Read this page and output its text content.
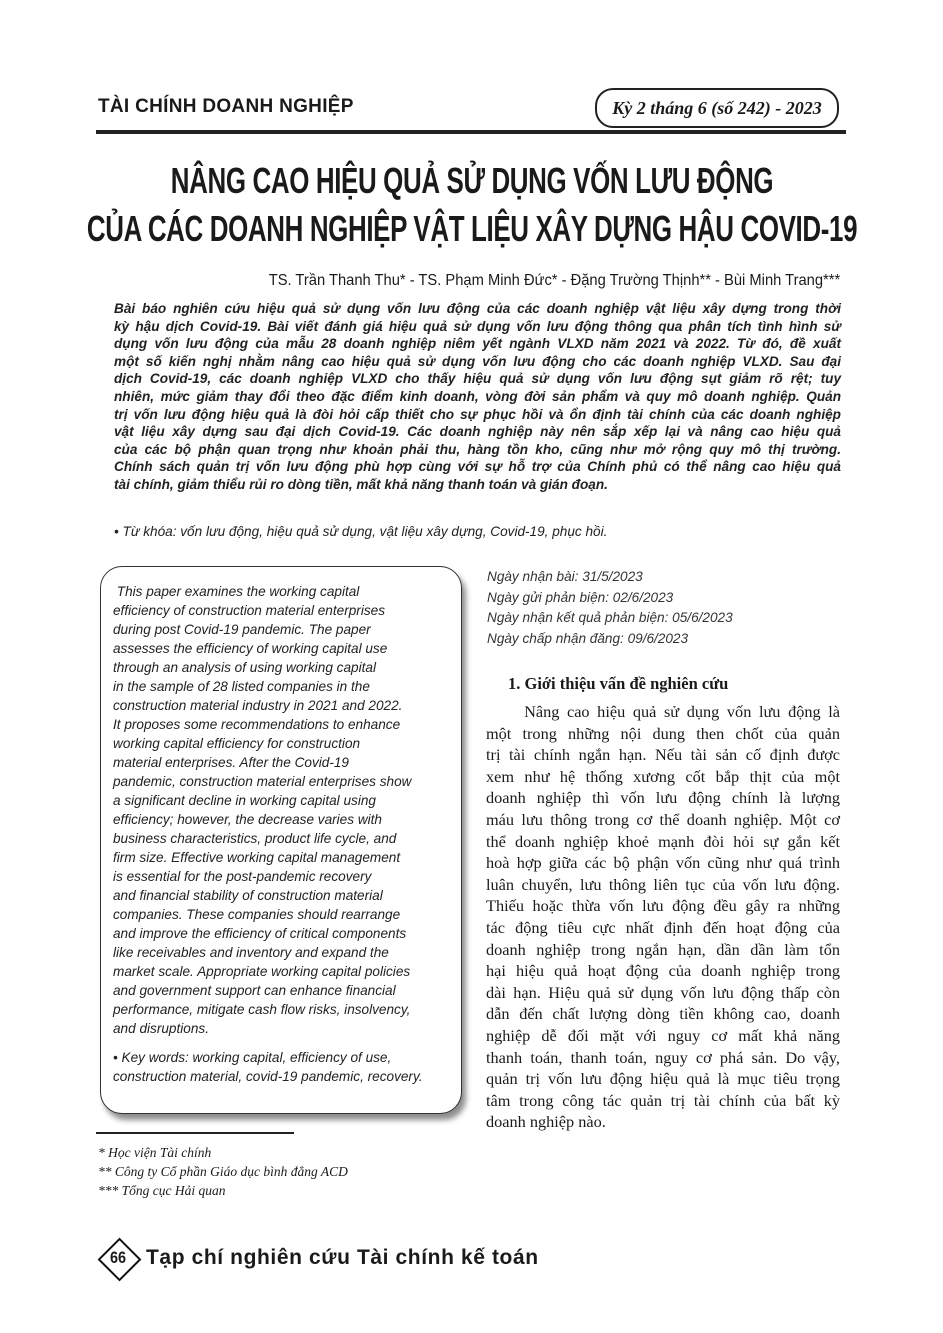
TÀI CHÍNH DOANH NGHIỆP	Kỳ 2 tháng 6 (số 242) - 2023
NÂNG CAO HIỆU QUẢ SỬ DỤNG VỐN LƯU ĐỘNG
CỦA CÁC DOANH NGHIỆP VẬT LIỆU XÂY DỰNG HẬU COVID-19
TS. Trần Thanh Thu* - TS. Phạm Minh Đức* - Đặng Trường Thịnh** - Bùi Minh Trang***
Bài báo nghiên cứu hiệu quả sử dụng vốn lưu động của các doanh nghiệp vật liệu xây dựng trong thời
kỳ hậu dịch Covid-19. Bài viết đánh giá hiệu quả sử dụng vốn lưu động thông qua phân tích tình hình sử
dụng vốn lưu động của mẫu 28 doanh nghiệp niêm yết ngành VLXD năm 2021 và 2022. Từ đó, đề xuất
một số kiến nghị nhằm nâng cao hiệu quả sử dụng vốn lưu động cho các doanh nghiệp VLXD. Sau đại
dịch Covid-19, các doanh nghiệp VLXD cho thấy hiệu quả sử dụng vốn lưu động sụt giảm rõ rệt; tuy
nhiên, mức giảm thay đổi theo đặc điểm kinh doanh, vòng đời sản phẩm và quy mô doanh nghiệp. Quản
trị vốn lưu động hiệu quả là đòi hỏi cấp thiết cho sự phục hồi và ổn định tài chính của các doanh nghiệp
vật liệu xây dựng sau đại dịch Covid-19. Các doanh nghiệp này nên sắp xếp lại và nâng cao hiệu quả
của các bộ phận quan trọng như khoản phải thu, hàng tồn kho, cũng như mở rộng quy mô thị trường.
Chính sách quản trị vốn lưu động phù hợp cùng với sự hỗ trợ của Chính phủ có thể nâng cao hiệu quả
tài chính, giảm thiểu rủi ro dòng tiền, mất khả năng thanh toán và gián đoạn.
• Từ khóa: vốn lưu động, hiệu quả sử dụng, vật liệu xây dựng, Covid-19, phục hồi.
This paper examines the working capital
efficiency of construction material enterprises
during post Covid-19 pandemic. The paper
assesses the efficiency of working capital use
through an analysis of using working capital
in the sample of 28 listed companies in the
construction material industry in 2021 and 2022.
It proposes some recommendations to enhance
working capital efficiency for construction
material enterprises. After the Covid-19
pandemic, construction material enterprises show
a significant decline in working capital using
efficiency; however, the decrease varies with
business characteristics, product life cycle, and
firm size. Effective working capital management
is essential for the post-pandemic recovery
and financial stability of construction material
companies. These companies should rearrange
and improve the efficiency of critical components
like receivables and inventory and expand the
market scale. Appropriate working capital policies
and government support can enhance financial
performance, mitigate cash flow risks, insolvency,
and disruptions.
• Key words: working capital, efficiency of use, construction material, covid-19 pandemic, recovery.
Ngày nhận bài: 31/5/2023
Ngày gửi phản biện: 02/6/2023
Ngày nhận kết quả phản biện: 05/6/2023
Ngày chấp nhận đăng: 09/6/2023
1. Giới thiệu vấn đề nghiên cứu
Nâng cao hiệu quả sử dụng vốn lưu động là
một trong những nội dung then chốt của quản
trị tài chính ngắn hạn. Nếu tài sản cố định được
xem như hệ thống xương cốt bắp thịt của một
doanh nghiệp thì vốn lưu động chính là lượng
máu lưu thông trong cơ thể doanh nghiệp. Một cơ
thể doanh nghiệp khoẻ mạnh đòi hỏi sự gắn kết
hoà hợp giữa các bộ phận vốn cũng như quá trình
luân chuyển, lưu thông liên tục của vốn lưu động.
Thiếu hoặc thừa vốn lưu động đều gây ra những
tác động tiêu cực nhất định đến hoạt động của
doanh nghiệp trong ngắn hạn, dần dần làm tổn
hại hiệu quả hoạt động của doanh nghiệp trong
dài hạn. Hiệu quả sử dụng vốn lưu động thấp còn
dẫn đến chất lượng dòng tiền không cao, doanh
nghiệp dễ đối mặt với nguy cơ mất khả năng
thanh toán, thanh toán, nguy cơ phá sản. Do vậy,
quản trị vốn lưu động hiệu quả là mục tiêu trọng
tâm trong công tác quản trị tài chính của bất kỳ
doanh nghiệp nào.
* Học viện Tài chính
** Công ty Cổ phần Giáo dục bình đẳng ACD
*** Tổng cục Hải quan
66 Tạp chí nghiên cứu Tài chính kế toán
